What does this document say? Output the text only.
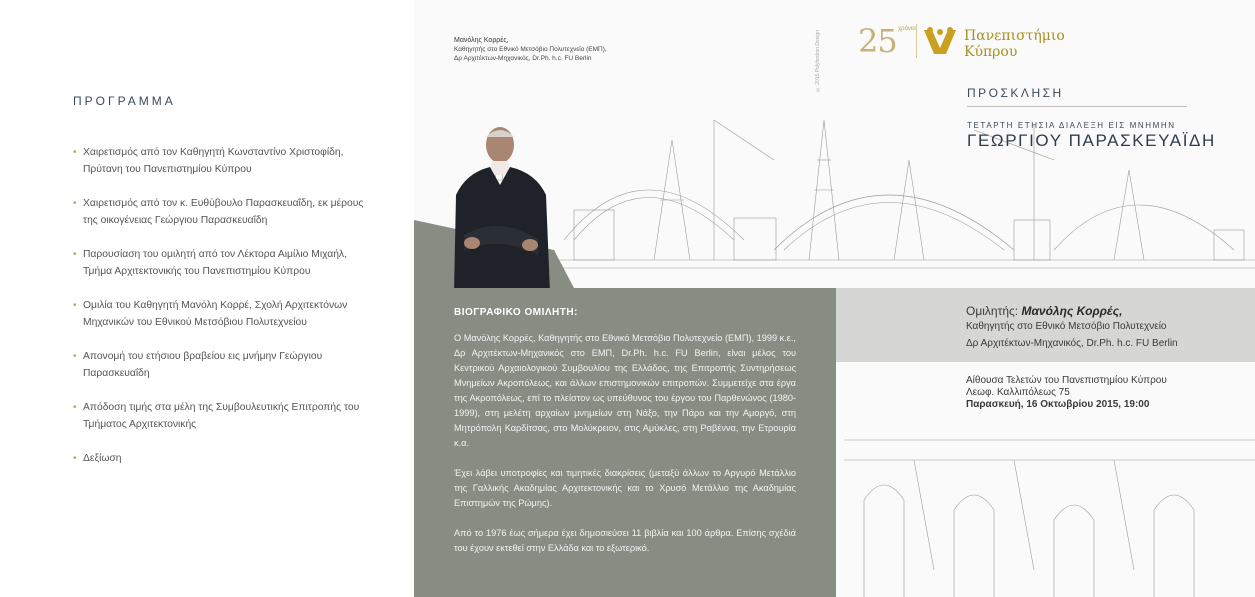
ΠΡΟΓΡΑΜΜΑ
• Χαιρετισμός από τον Καθηγητή Κωνσταντίνο Χριστοφίδη, Πρύτανη του Πανεπιστημίου Κύπρου
• Χαιρετισμός από τον κ. Ευθύβουλο Παρασκευαΐδη, εκ μέρους της οικογένειας Γεώργιου Παρασκευαΐδη
• Παρουσίαση του ομιλητή από τον Λέκτορα Αιμίλιο Μιχαήλ, Τμήμα Αρχιτεκτονικής του Πανεπιστημίου Κύπρου
• Ομιλία του Καθηγητή Μανόλη Κορρέ, Σχολή Αρχιτεκτόνων Μηχανικών του Εθνικού Μετσόβιου Πολυτεχνείου
• Απονομή του ετήσιου βραβείου εις μνήμην Γεώργιου Παρασκευαΐδη
• Απόδοση τιμής στα μέλη της Συμβουλευτικής Επιτροπής του Τμήματος Αρχιτεκτονικής
• Δεξίωση
Μανόλης Κορρές,
Καθηγητής στο Εθνικό Μετσόβιο Πολυτεχνείο (ΕΜΠ),
Δρ Αρχιτέκτων-Μηχανικός, Dr.Ph. h.c. FU Berlin	© 2015 Polyhedron Design 25 χρόνια	Πανεπιστήμιο
Κύπρου
ΠΡΟΣΚΛΗΣΗ
ΤΕΤΑΡΤΗ ΕΤΗΣΙΑ ΔΙΑΛΕΞΗ ΕΙΣ ΜΝΗΜΗΝ
ΓΕΩΡΓΙΟΥ ΠΑΡΑΣΚΕΥΑΪΔΗ
Ομιλητής: Μανόλης Κορρές,
Καθηγητής στο Εθνικό Μετσόβιο Πολυτεχνείο
Δρ Αρχιτέκτων-Μηχανικός, Dr.Ph. h.c. FU Berlin
Αίθουσα Τελετών του Πανεπιστημίου Κύπρου
Λεωφ. Καλλιπόλεως 75
Παρασκευή, 16 Οκτωβρίου 2015, 19:00
ΒΙΟΓΡΑΦΙΚΟ ΟΜΙΛΗΤΗ:
Ο Μανόλης Κορρές, Καθηγητής στο Εθνικό Μετσόβιο Πολυτεχνείο (ΕΜΠ), 1999 κ.ε., Δρ Αρχιτέκτων-Μηχανικός στο ΕΜΠ, Dr.Ph. h.c. FU Berlin, είναι μέλος του Κεντρικού Αρχαιολογικού Συμβουλίου της Ελλάδος, της Επιτροπής Συντηρήσεως Μνημείων Ακροπόλεως, και άλλων επιστημονικών επιτροπών. Συμμετείχε στα έργα της Ακροπόλεως, επί το πλείστον ως υπεύθυνος του έργου του Παρθενώνος (1980-1999), στη μελέτη αρχαίων μνημείων στη Νάξο, την Πάρο και την Αμοργό, στη Μητρόπολη Καρδίτσας, στο Μολύκρειον, στις Αμύκλες, στη Ραβέννα, την Ετρουρία κ.α.
Έχει λάβει υποτροφίες και τιμητικές διακρίσεις (μεταξύ άλλων το Αργυρό Μετάλλιο της Γαλλικής Ακαδημίας Αρχιτεκτονικής και το Χρυσό Μετάλλιο της Ακαδημίας Επιστημών της Ρώμης).
Από το 1976 έως σήμερα έχει δημοσιεύσει 11 βιβλία και 100 άρθρα. Επίσης σχέδιά του έχουν εκτεθεί στην Ελλάδα και το εξωτερικό.
